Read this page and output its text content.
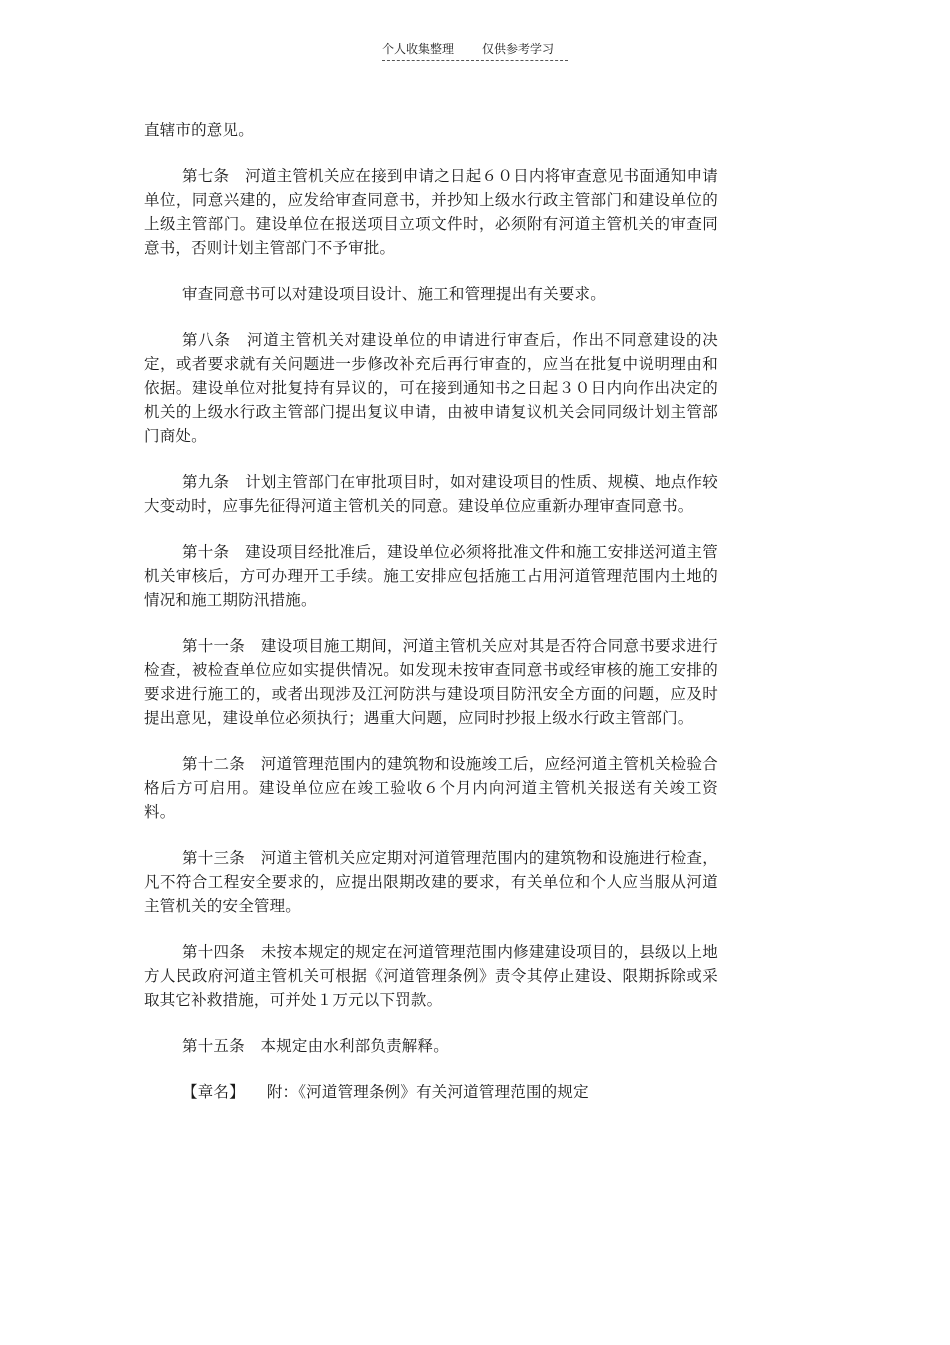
个人收集整理 仅供参考学习

直辖市的意见。

第七条　河道主管机关应在接到申请之日起６０日内将审查意见书面通知申请单位，同意兴建的，应发给审查同意书，并抄知上级水行政主管部门和建设单位的上级主管部门。建设单位在报送项目立项文件时，必须附有河道主管机关的审查同意书，否则计划主管部门不予审批。

审查同意书可以对建设项目设计、施工和管理提出有关要求。

第八条　河道主管机关对建设单位的申请进行审查后，作出不同意建设的决定，或者要求就有关问题进一步修改补充后再行审查的，应当在批复中说明理由和依据。建设单位对批复持有异议的，可在接到通知书之日起３０日内向作出决定的机关的上级水行政主管部门提出复议申请，由被申请复议机关会同同级计划主管部门商处。

第九条　计划主管部门在审批项目时，如对建设项目的性质、规模、地点作较大变动时，应事先征得河道主管机关的同意。建设单位应重新办理审查同意书。

第十条　建设项目经批准后，建设单位必须将批准文件和施工安排送河道主管机关审核后，方可办理开工手续。施工安排应包括施工占用河道管理范围内土地的情况和施工期防汛措施。

第十一条　建设项目施工期间，河道主管机关应对其是否符合同意书要求进行检查，被检查单位应如实提供情况。如发现未按审查同意书或经审核的施工安排的要求进行施工的，或者出现涉及江河防洪与建设项目防汛安全方面的问题，应及时提出意见，建设单位必须执行；遇重大问题，应同时抄报上级水行政主管部门。

第十二条　河道管理范围内的建筑物和设施竣工后，应经河道主管机关检验合格后方可启用。建设单位应在竣工验收６个月内向河道主管机关报送有关竣工资料。

第十三条　河道主管机关应定期对河道管理范围内的建筑物和设施进行检查，凡不符合工程安全要求的，应提出限期改建的要求，有关单位和个人应当服从河道主管机关的安全管理。

第十四条　未按本规定的规定在河道管理范围内修建建设项目的，县级以上地方人民政府河道主管机关可根据《河道管理条例》责令其停止建设、限期拆除或采取其它补救措施，可并处１万元以下罚款。

第十五条　本规定由水利部负责解释。

【章名】 附：《河道管理条例》有关河道管理范围的规定
